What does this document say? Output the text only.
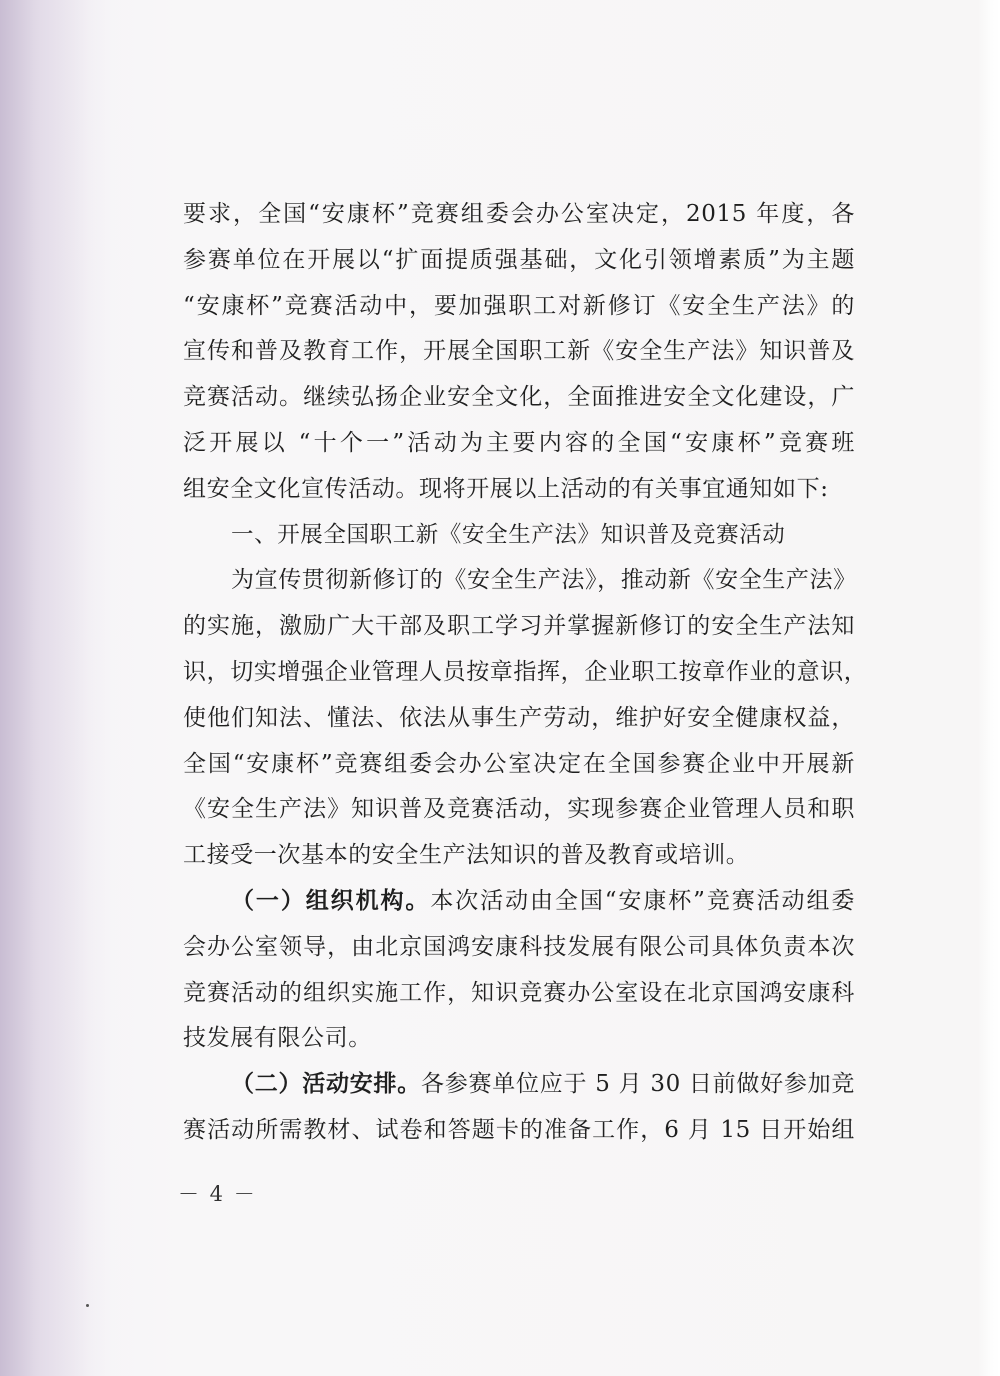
要求，全国“安康杯”竞赛组委会办公室决定，2015 年度，各
参赛单位在开展以“扩面提质强基础，文化引领增素质”为主题
“安康杯”竞赛活动中，要加强职工对新修订《安全生产法》的
宣传和普及教育工作，开展全国职工新《安全生产法》知识普及
竞赛活动。继续弘扬企业安全文化，全面推进安全文化建设，广
泛开展以 “十个一”活动为主要内容的全国“安康杯”竞赛班
组安全文化宣传活动。现将开展以上活动的有关事宜通知如下:
一、开展全国职工新《安全生产法》知识普及竞赛活动
为宣传贯彻新修订的《安全生产法》，推动新《安全生产法》
的实施，激励广大干部及职工学习并掌握新修订的安全生产法知
识，切实增强企业管理人员按章指挥，企业职工按章作业的意识，
使他们知法、懂法、依法从事生产劳动，维护好安全健康权益，
全国“安康杯”竞赛组委会办公室决定在全国参赛企业中开展新
《安全生产法》知识普及竞赛活动，实现参赛企业管理人员和职
工接受一次基本的安全生产法知识的普及教育或培训。
（一）组织机构。本次活动由全国“安康杯”竞赛活动组委
会办公室领导，由北京国鸿安康科技发展有限公司具体负责本次
竞赛活动的组织实施工作，知识竞赛办公室设在北京国鸿安康科
技发展有限公司。
（二）活动安排。各参赛单位应于 5 月 30 日前做好参加竞
赛活动所需教材、试卷和答题卡的准备工作，6 月 15 日开始组
－ 4 －
